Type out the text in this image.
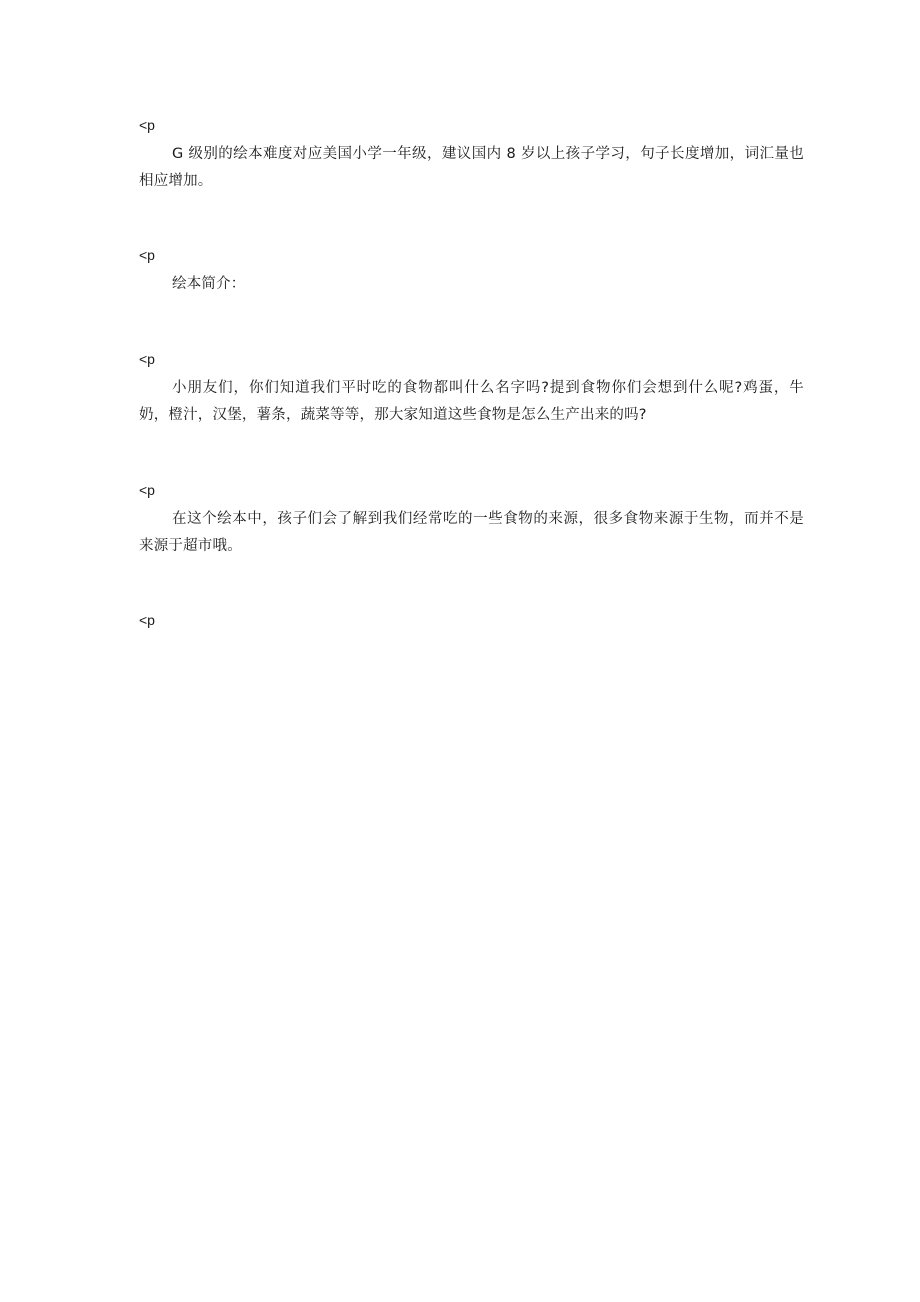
<p
G 级别的绘本难度对应美国小学一年级，建议国内 8 岁以上孩子学习，句子长度增加，词汇量也相应增加。
<p
绘本简介：
<p
小朋友们，你们知道我们平时吃的食物都叫什么名字吗?提到食物你们会想到什么呢?鸡蛋，牛奶，橙汁，汉堡，薯条，蔬菜等等，那大家知道这些食物是怎么生产出来的吗?
<p
在这个绘本中，孩子们会了解到我们经常吃的一些食物的来源，很多食物来源于生物，而并不是来源于超市哦。
<p
